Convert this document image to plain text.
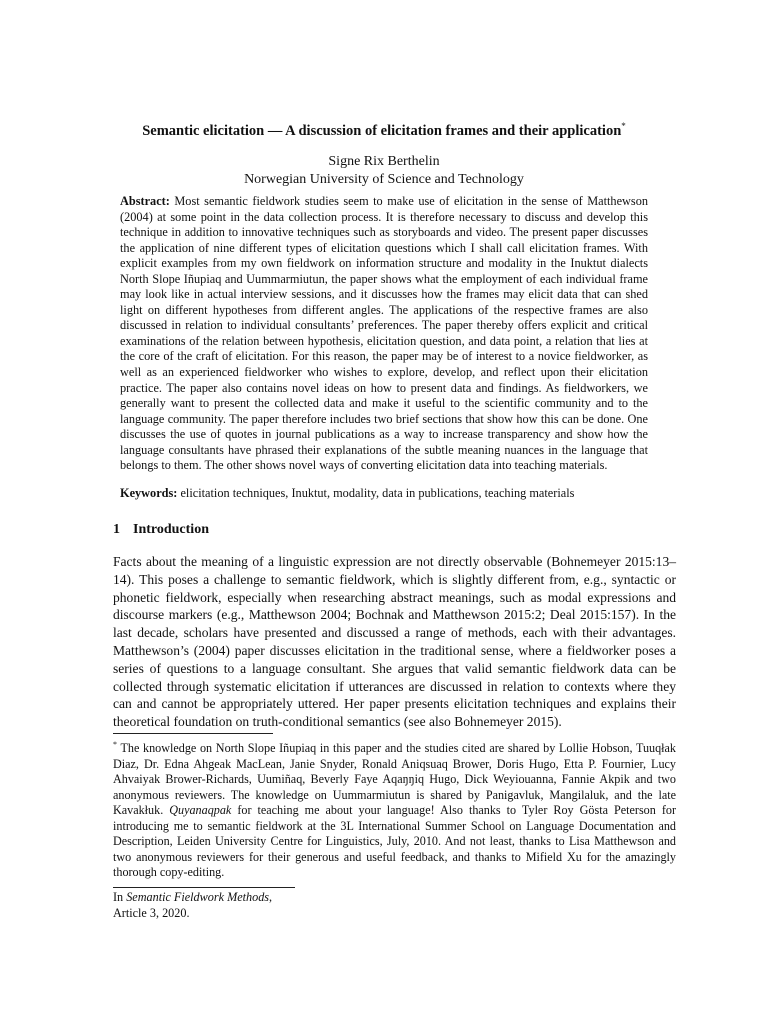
Semantic elicitation — A discussion of elicitation frames and their application*
Signe Rix Berthelin
Norwegian University of Science and Technology
Abstract: Most semantic fieldwork studies seem to make use of elicitation in the sense of Matthewson (2004) at some point in the data collection process. It is therefore necessary to discuss and develop this technique in addition to innovative techniques such as storyboards and video. The present paper discusses the application of nine different types of elicitation questions which I shall call elicitation frames. With explicit examples from my own fieldwork on information structure and modality in the Inuktut dialects North Slope Iñupiaq and Uummarmiutun, the paper shows what the employment of each individual frame may look like in actual interview sessions, and it discusses how the frames may elicit data that can shed light on different hypotheses from different angles. The applications of the respective frames are also discussed in relation to individual consultants’ preferences. The paper thereby offers explicit and critical examinations of the relation between hypothesis, elicitation question, and data point, a relation that lies at the core of the craft of elicitation. For this reason, the paper may be of interest to a novice fieldworker, as well as an experienced fieldworker who wishes to explore, develop, and reflect upon their elicitation practice. The paper also contains novel ideas on how to present data and findings. As fieldworkers, we generally want to present the collected data and make it useful to the scientific community and to the language community. The paper therefore includes two brief sections that show how this can be done. One discusses the use of quotes in journal publications as a way to increase transparency and show how the language consultants have phrased their explanations of the subtle meaning nuances in the language that belongs to them. The other shows novel ways of converting elicitation data into teaching materials.
Keywords: elicitation techniques, Inuktut, modality, data in publications, teaching materials
1 Introduction
Facts about the meaning of a linguistic expression are not directly observable (Bohnemeyer 2015:13–14). This poses a challenge to semantic fieldwork, which is slightly different from, e.g., syntactic or phonetic fieldwork, especially when researching abstract meanings, such as modal expressions and discourse markers (e.g., Matthewson 2004; Bochnak and Matthewson 2015:2; Deal 2015:157). In the last decade, scholars have presented and discussed a range of methods, each with their advantages. Matthewson’s (2004) paper discusses elicitation in the traditional sense, where a fieldworker poses a series of questions to a language consultant. She argues that valid semantic fieldwork data can be collected through systematic elicitation if utterances are discussed in relation to contexts where they can and cannot be appropriately uttered. Her paper presents elicitation techniques and explains their theoretical foundation on truth-conditional semantics (see also Bohnemeyer 2015).
* The knowledge on North Slope Iñupiaq in this paper and the studies cited are shared by Lollie Hobson, Tuuqłak Diaz, Dr. Edna Ahgeak MacLean, Janie Snyder, Ronald Aniqsuaq Brower, Doris Hugo, Etta P. Fournier, Lucy Ahvaiyak Brower-Richards, Uumiñaq, Beverly Faye Aqaŋŋiq Hugo, Dick Weyiouanna, Fannie Akpik and two anonymous reviewers. The knowledge on Uummarmiutun is shared by Panigavluk, Mangilaluk, and the late Kavakłuk. Quyanaqpak for teaching me about your language! Also thanks to Tyler Roy Gösta Peterson for introducing me to semantic fieldwork at the 3L International Summer School on Language Documentation and Description, Leiden University Centre for Linguistics, July, 2010. And not least, thanks to Lisa Matthewson and two anonymous reviewers for their generous and useful feedback, and thanks to Mifield Xu for the amazingly thorough copy-editing.
In Semantic Fieldwork Methods,
Article 3, 2020.
